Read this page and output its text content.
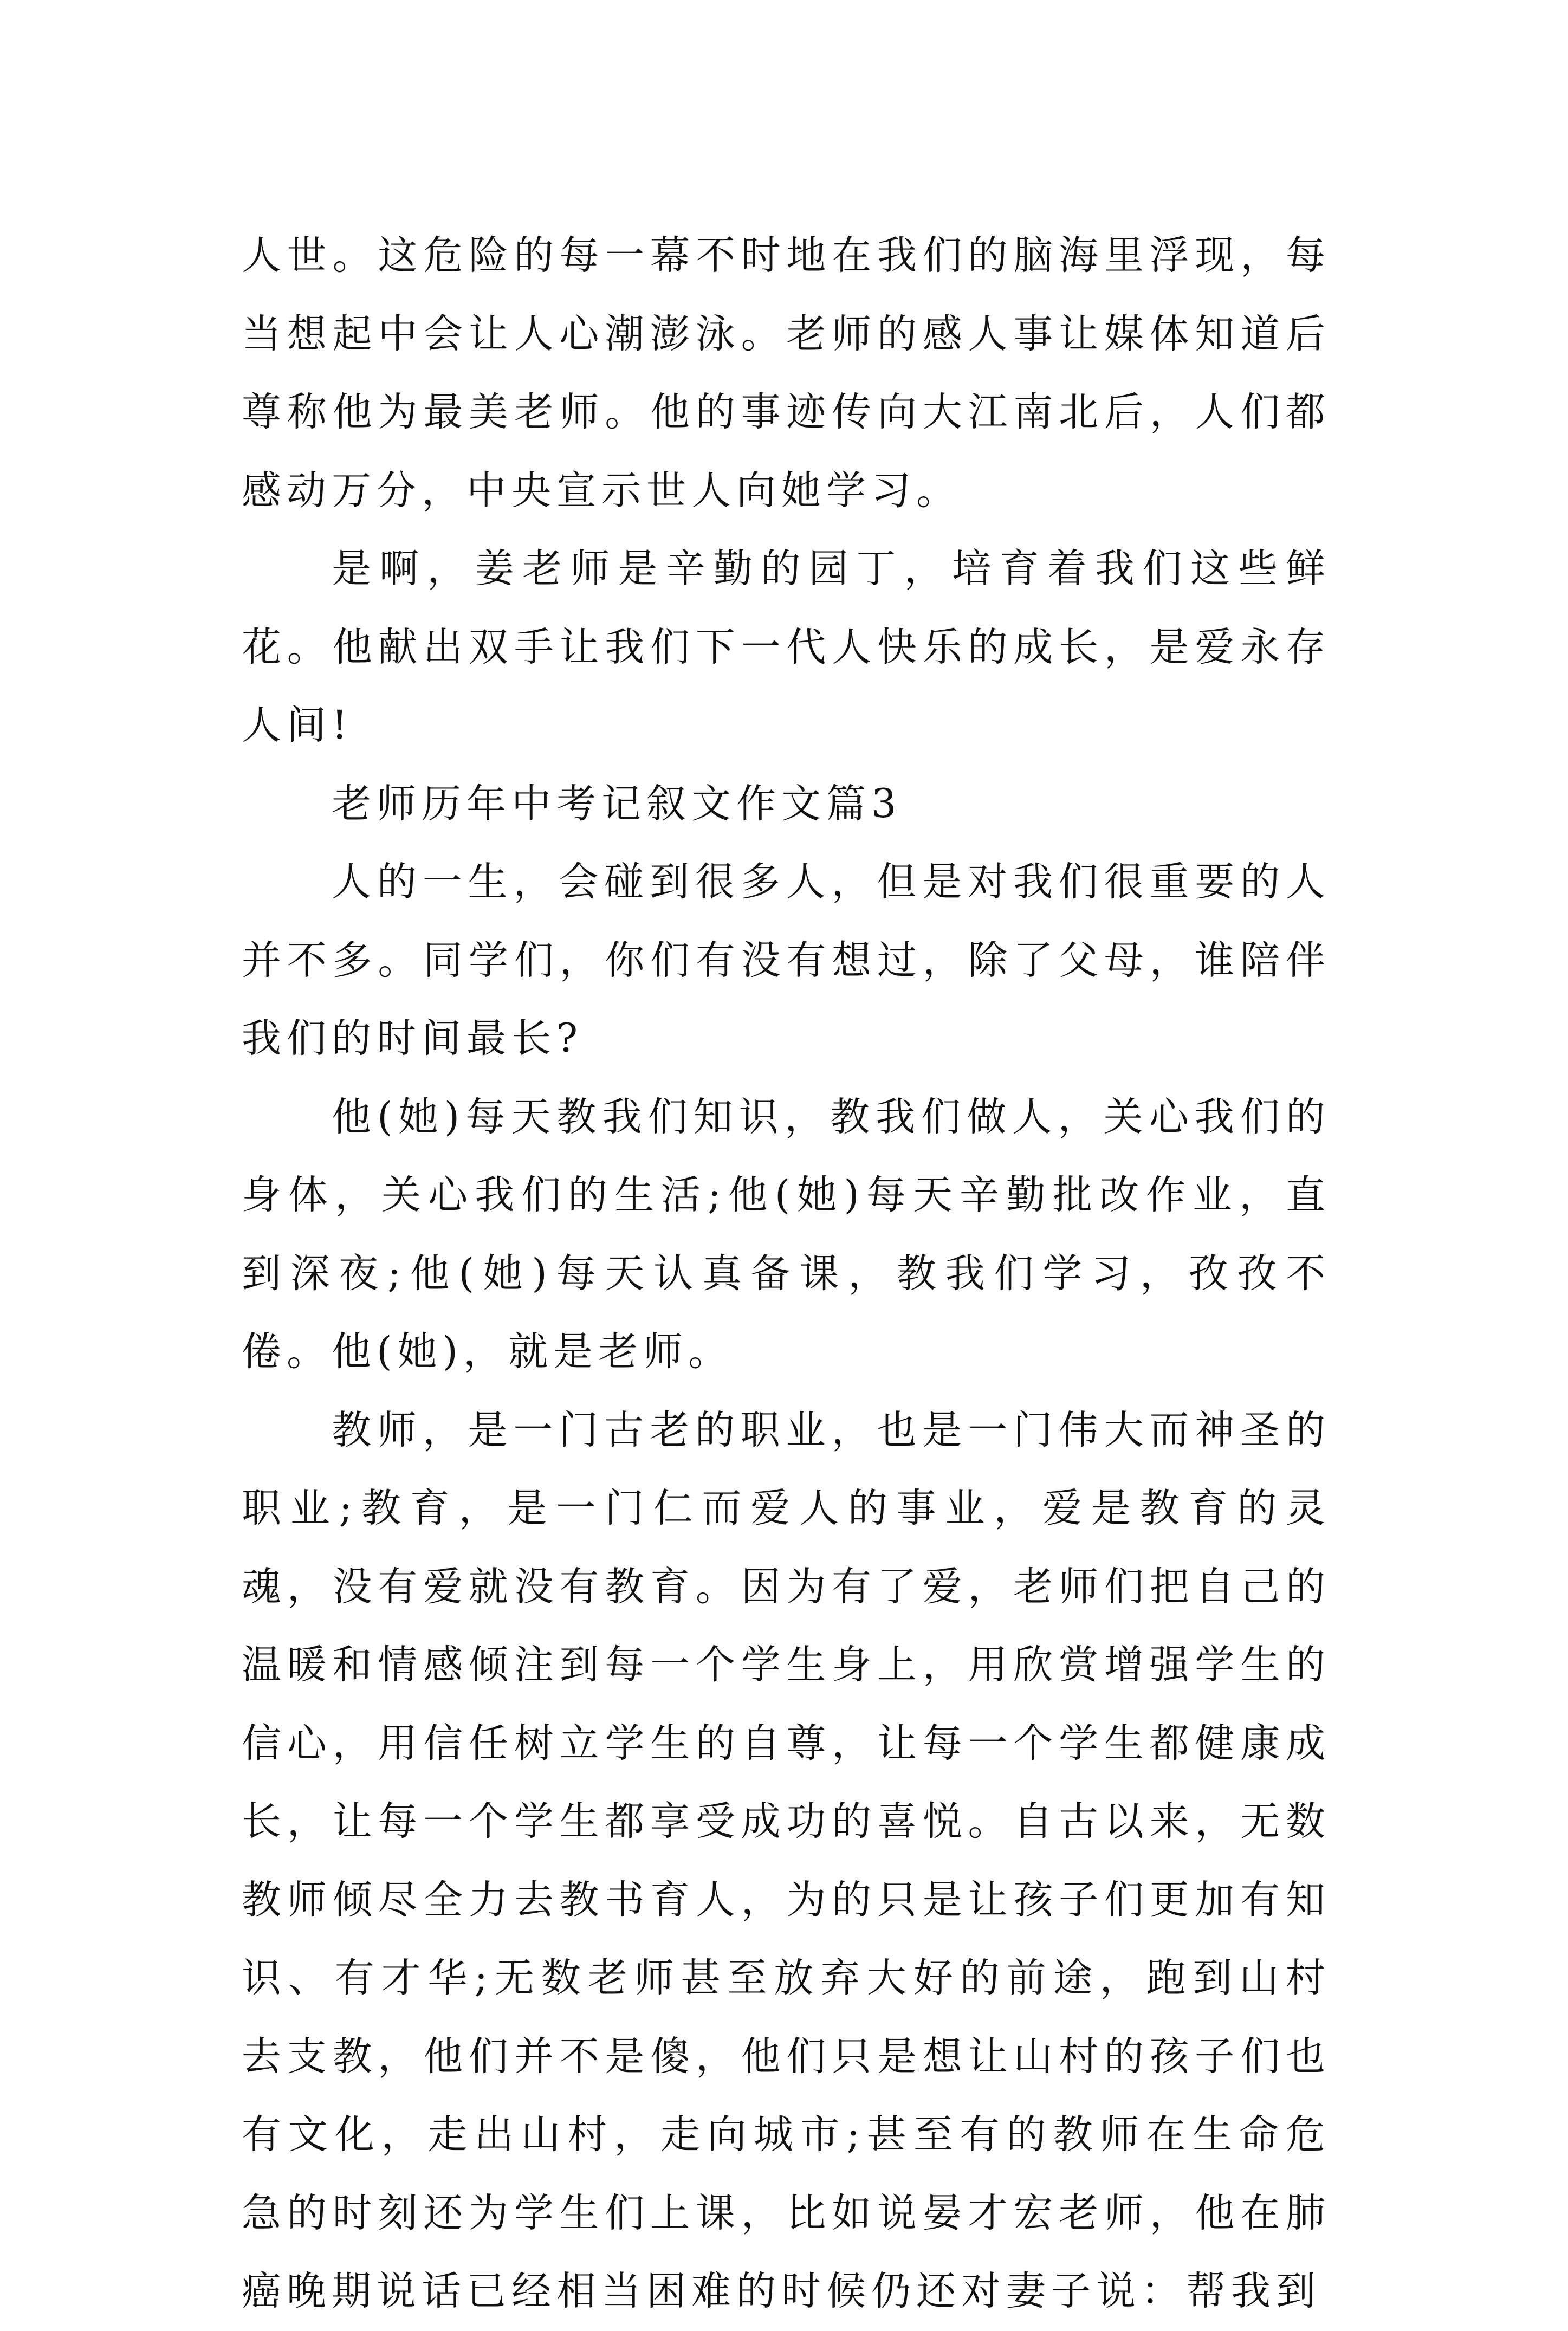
人世。这危险的每一幕不时地在我们的脑海里浮现，每当想起中会让人心潮澎泳。老师的感人事让媒体知道后尊称他为最美老师。他的事迹传向大江南北后，人们都感动万分，中央宣示世人向她学习。

是啊，姜老师是辛勤的园丁，培育着我们这些鲜花。他献出双手让我们下一代人快乐的成长，是爱永存人间!

老师历年中考记叙文作文篇3

人的一生，会碰到很多人，但是对我们很重要的人并不多。同学们，你们有没有想过，除了父母，谁陪伴我们的时间最长?

他(她)每天教我们知识，教我们做人，关心我们的身体，关心我们的生活;他(她)每天辛勤批改作业，直到深夜;他(她)每天认真备课，教我们学习，孜孜不倦。他(她)，就是老师。

教师，是一门古老的职业，也是一门伟大而神圣的职业;教育，是一门仁而爱人的事业，爱是教育的灵魂，没有爱就没有教育。因为有了爱，老师们把自己的温暖和情感倾注到每一个学生身上，用欣赏增强学生的信心，用信任树立学生的自尊，让每一个学生都健康成长，让每一个学生都享受成功的喜悦。自古以来，无数教师倾尽全力去教书育人，为的只是让孩子们更加有知识、有才华;无数老师甚至放弃大好的前途，跑到山村去支教，他们并不是傻，他们只是想让山村的孩子们也有文化，走出山村，走向城市;甚至有的教师在生命危急的时刻还为学生们上课，比如说晏才宏老师，他在肺癌晚期说话已经相当困难的时候仍还对妻子说：帮我到
